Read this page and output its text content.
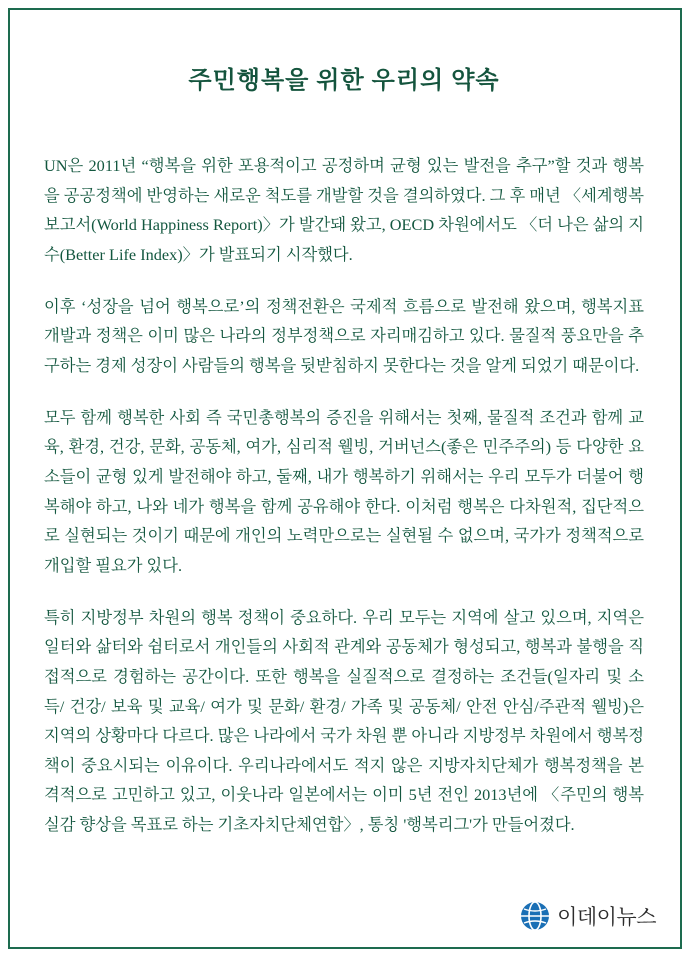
주민행복을 위한 우리의 약속

UN은 2011년 “행복을 위한 포용적이고 공정하며 균형 있는 발전을 추구”할 것과 행복을 공공정책에 반영하는 새로운 척도를 개발할 것을 결의하였다. 그 후 매년 〈세계행복보고서(World Happiness Report)〉가 발간돼 왔고, OECD 차원에서도 〈더 나은 삶의 지수(Better Life Index)〉가 발표되기 시작했다.

이후 ‘성장을 넘어 행복으로’의 정책전환은 국제적 흐름으로 발전해 왔으며, 행복지표 개발과 정책은 이미 많은 나라의 정부정책으로 자리매김하고 있다. 물질적 풍요만을 추구하는 경제 성장이 사람들의 행복을 뒷받침하지 못한다는 것을 알게 되었기 때문이다.

모두 함께 행복한 사회 즉 국민총행복의 증진을 위해서는 첫째, 물질적 조건과 함께 교육, 환경, 건강, 문화, 공동체, 여가, 심리적 웰빙, 거버넌스(좋은 민주주의) 등 다양한 요소들이 균형 있게 발전해야 하고, 둘째, 내가 행복하기 위해서는 우리 모두가 더불어 행복해야 하고, 나와 네가 행복을 함께 공유해야 한다. 이처럼 행복은 다차원적, 집단적으로 실현되는 것이기 때문에 개인의 노력만으로는 실현될 수 없으며, 국가가 정책적으로 개입할 필요가 있다.

특히 지방정부 차원의 행복 정책이 중요하다. 우리 모두는 지역에 살고 있으며, 지역은 일터와 삶터와 쉼터로서 개인들의 사회적 관계와 공동체가 형성되고, 행복과 불행을 직접적으로 경험하는 공간이다. 또한 행복을 실질적으로 결정하는 조건들(일자리 및 소득/ 건강/ 보육 및 교육/ 여가 및 문화/ 환경/ 가족 및 공동체/ 안전 안심/주관적 웰빙)은 지역의 상황마다 다르다. 많은 나라에서 국가 차원 뿐 아니라 지방정부 차원에서 행복정책이 중요시되는 이유이다. 우리나라에서도 적지 않은 지방자치단체가 행복정책을 본격적으로 고민하고 있고, 이웃나라 일본에서는 이미 5년 전인 2013년에 〈주민의 행복실감 향상을 목표로 하는 기초자치단체연합〉, 통칭 '행복리그'가 만들어졌다.

이데이뉴스
